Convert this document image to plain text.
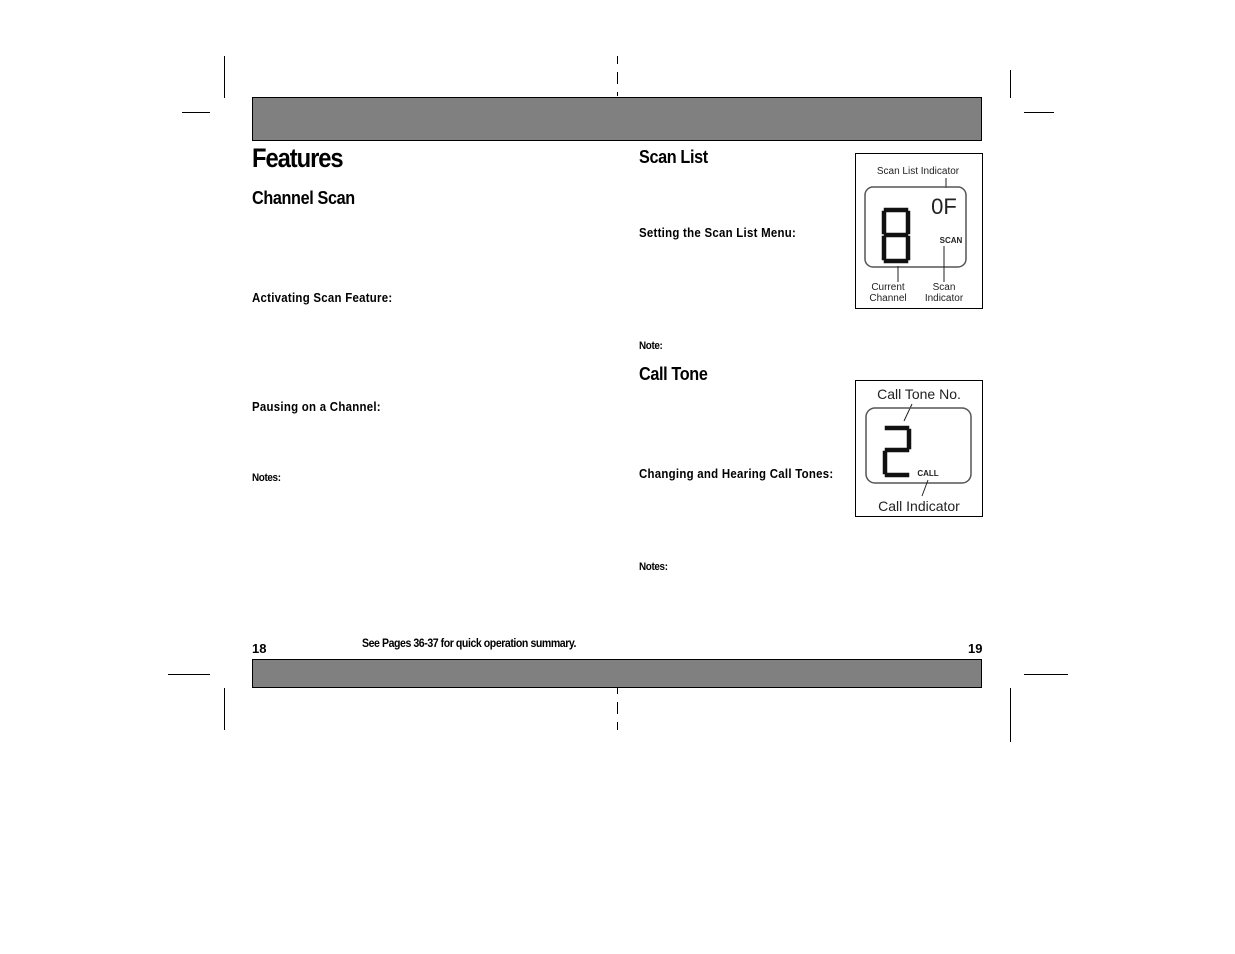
Features
Channel Scan
Activating Scan Feature:
Pausing on a Channel:
Notes:
Scan List
Setting the Scan List Menu:
Note:
Call Tone
Changing and Hearing Call Tones:
Notes:
Scan List Indicator
0F
SCAN
Current
Channel
Scan
Indicator
Call Tone No.
CALL
Call Indicator
18	See Pages 36-37 for quick operation summary.	19
